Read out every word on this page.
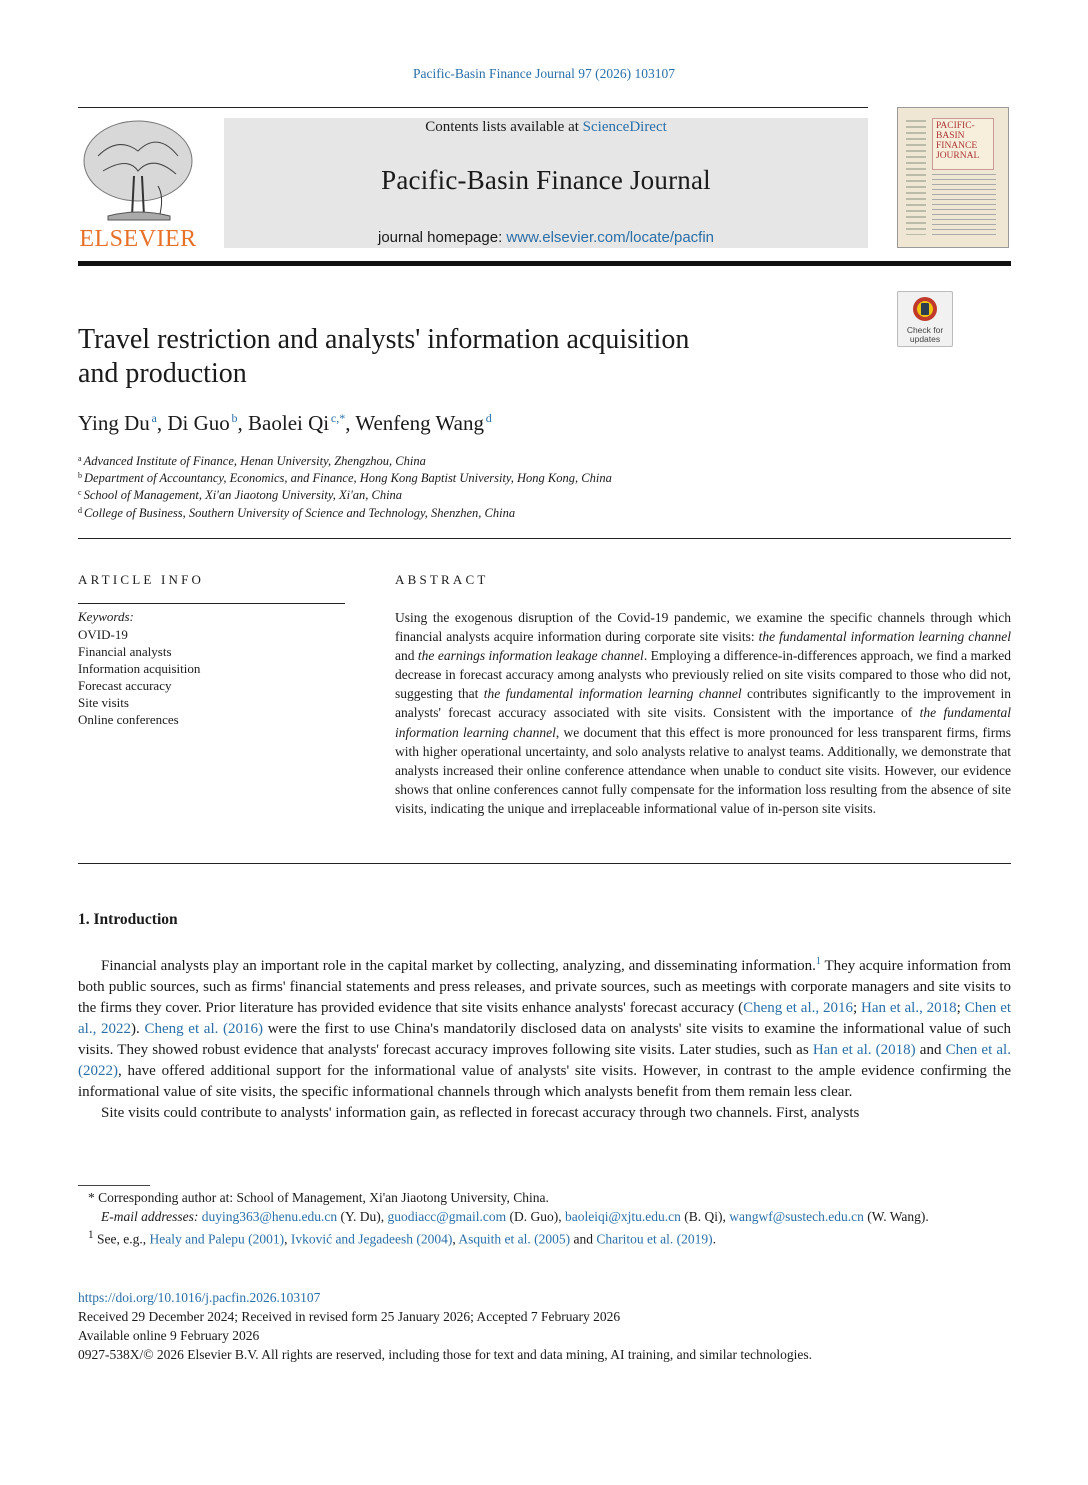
Pacific-Basin Finance Journal 97 (2026) 103107
ELSEVIER
Contents lists available at ScienceDirect
Pacific-Basin Finance Journal
journal homepage: www.elsevier.com/locate/pacfin
PACIFIC-
BASIN
FINANCE
JOURNAL
Check for
updates
Travel restriction and analysts' information acquisition
and production
Ying Du  $^a$, Di Guo  $^b$, Baolei Qi  $^{c,*}$, Wenfeng Wang  $^d$
$^a$ Advanced Institute of Finance, Henan University, Zhengzhou, China
$^b$ Department of Accountancy, Economics, and Finance, Hong Kong Baptist University, Hong Kong, China
$^c$ School of Management, Xi'an Jiaotong University, Xi'an, China
$^d$ College of Business, Southern University of Science and Technology, Shenzhen, China
ARTICLE INFO
Keywords:
OVID-19
Financial analysts
Information acquisition
Forecast accuracy
Site visits
Online conferences
ABSTRACT
Using the exogenous disruption of the Covid-19 pandemic, we examine the specific channels through which financial analysts acquire information during corporate site visits: the fundamental information learning channel and the earnings information leakage channel. Employing a difference-in-differences approach, we find a marked decrease in forecast accuracy among analysts who previously relied on site visits compared to those who did not, suggesting that the fundamental information learning channel contributes significantly to the improvement in analysts' forecast accuracy associated with site visits. Consistent with the importance of the fundamental information learning channel, we document that this effect is more pronounced for less transparent firms, firms with higher operational uncertainty, and solo analysts relative to analyst teams. Additionally, we demonstrate that analysts increased their online conference attendance when unable to conduct site visits. However, our evidence shows that online conferences cannot fully compensate for the information loss resulting from the absence of site visits, indicating the unique and irreplaceable informational value of in-person site visits.
1. Introduction

Financial analysts play an important role in the capital market by collecting, analyzing, and disseminating information.$^1$ They acquire information from both public sources, such as firms' financial statements and press releases, and private sources, such as meetings with corporate managers and site visits to the firms they cover. Prior literature has provided evidence that site visits enhance analysts' forecast accuracy (Cheng et al., 2016; Han et al., 2018; Chen et al., 2022). Cheng et al. (2016) were the first to use China's mandatorily disclosed data on analysts' site visits to examine the informational value of such visits. They showed robust evidence that analysts' forecast accuracy improves following site visits. Later studies, such as Han et al. (2018) and Chen et al. (2022), have offered additional support for the informational value of analysts' site visits. However, in contrast to the ample evidence confirming the informational value of site visits, the specific informational channels through which analysts benefit from them remain less clear.

Site visits could contribute to analysts' information gain, as reflected in forecast accuracy through two channels. First, analysts

* Corresponding author at: School of Management, Xi'an Jiaotong University, China.

E-mail addresses: duying363@henu.edu.cn (Y. Du), guodiacc@gmail.com (D. Guo), baoleiqi@xjtu.edu.cn (B. Qi), wangwf@sustech.edu.cn (W. Wang).

$^1$ See, e.g., Healy and Palepu (2001), Ivković and Jegadeesh (2004), Asquith et al. (2005) and Charitou et al. (2019).

https://doi.org/10.1016/j.pacfin.2026.103107
Received 29 December 2024; Received in revised form 25 January 2026; Accepted 7 February 2026
Available online 9 February 2026
0927-538X/© 2026 Elsevier B.V. All rights are reserved, including those for text and data mining, AI training, and similar technologies.
